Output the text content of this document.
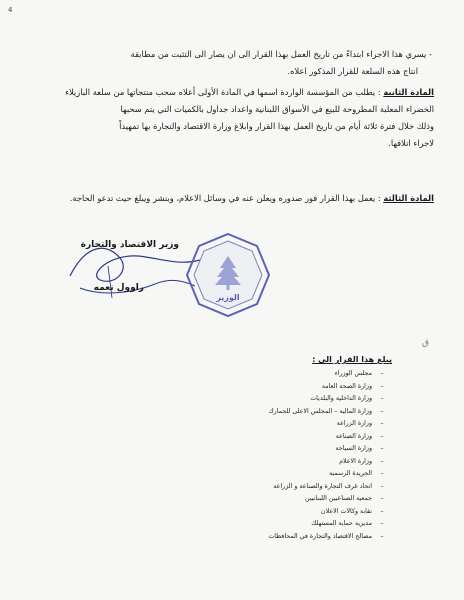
4
- يسري هذا الاجراء ابتداءً من تاريخ العمل بهذا القرار الى ان يصار الى التثبت من مطابقة
انتاج هذه السلعة للقرار المذكور اعلاه.
المادة الثانية : يطلب من المؤسسة الواردة اسمها في المادة الأولى أعلاه سحب منتجاتها من سلعة البازيلاء
الخضراء المعلبة المطروحة للبيع في الأسواق اللبنانية واعداد جداول بالكميات التي يتم سحبها
وذلك خلال فترة ثلاثة أيام من تاريخ العمل بهذا القرار وابلاغ وزارة الاقتصاد والتجارة بها تمهيداً
لاجراء اتلافها.
المادة الثالثة : يعمل بهذا القرار فور صدوره ويعلن عنه في وسائل الاعلام، وينشر ويبلغ حيث تدعو الحاجة.
الوزير
وزير الاقتصاد والتجارة
راوول نعمه
ق
يبلغ هذا القرار الى :
–
مجلس الوزراء
–
وزارة الصحة العامة
–
وزارة الداخلية والبلديات
–
وزارة المالية – المجلس الاعلى للجمارك
–
وزارة الزراعة
–
وزارة الصناعة
–
وزارة السياحة
–
وزارة الاعلام
–
الجريدة الرسمية
–
اتحاد غرف التجارة والصناعة و الزراعة
–
جمعية الصناعيين اللبنانيين
–
نقابة وكالات الاعلان
–
مديرية حماية المستهلك
–
مصالح الاقتصاد والتجارة في المحافظات
